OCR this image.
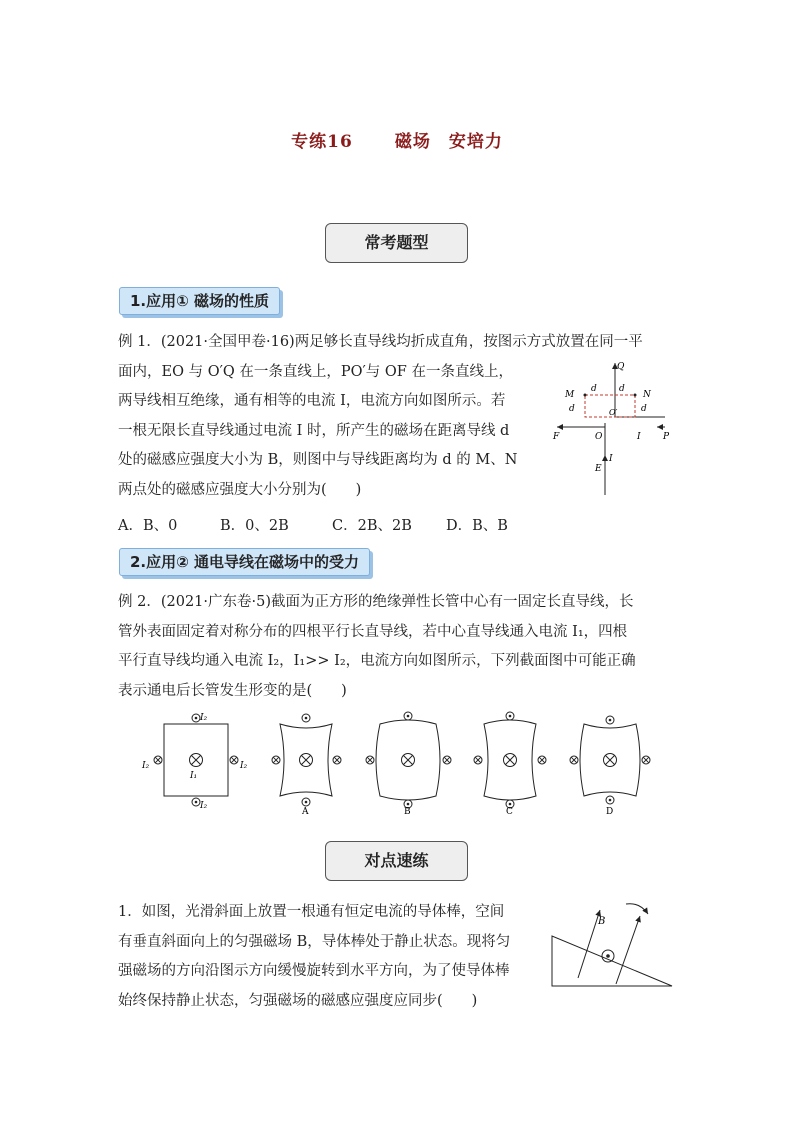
专练16 磁场　安培力
常考题型
1.应用① 磁场的性质

例 1．(2021·全国甲卷·16)两足够长直导线均折成直角，按图示方式放置在同一平

面内，EO 与 O′Q 在一条直线上，PO′与 OF 在一条直线上，

两导线相互绝缘，通有相等的电流 I，电流方向如图所示。若

一根无限长直导线通过电流 I 时，所产生的磁场在距离导线 d

处的磁感应强度大小为 B，则图中与导线距离均为 d 的 M、N

两点处的磁感应强度大小分别为(　　)

Q
M	N
d d
d	d
O′
F	O	I P
I
E
A．B、0	B．0、2B	C．2B、2B D．B、B
2.应用② 通电导线在磁场中的受力

例 2．(2021·广东卷·5)截面为正方形的绝缘弹性长管中心有一固定长直导线，长

管外表面固定着对称分布的四根平行长直导线，若中心直导线通入电流 I₁，四根

平行直导线均通入电流 I₂，I₁>> I₂，电流方向如图所示，下列截面图中可能正确

表示通电后长管发生形变的是(　　)

I₂
I₂
I₂	I₂
I₁
A	B	C	D
对点速练

1．如图，光滑斜面上放置一根通有恒定电流的导体棒，空间

有垂直斜面向上的匀强磁场 B，导体棒处于静止状态。现将匀

强磁场的方向沿图示方向缓慢旋转到水平方向，为了使导体棒

始终保持静止状态，匀强磁场的磁感应强度应同步(　　)

B
